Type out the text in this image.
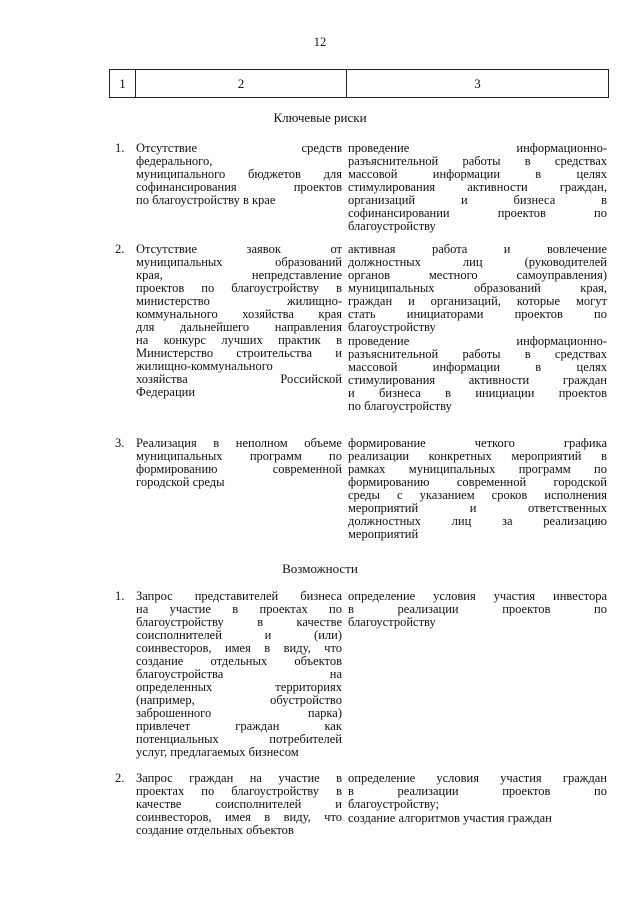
12
1	2	3
Ключевые риски
1. Отсутствие средств
федерального,
муниципального бюджетов для
софинансирования проектов
по благоустройству в крае
проведение информационно-
разъяснительной работы в средствах
массовой информации в целях
стимулирования активности граждан,
организаций и бизнеса в
софинансировании проектов по
благоустройству
2. Отсутствие заявок от
муниципальных образований
края, непредставление
проектов по благоустройству в
министерство жилищно-
коммунального хозяйства края
для дальнейшего направления
на конкурс лучших практик в
Министерство строительства и
жилищно-коммунального
хозяйства Российской
Федерации
активная работа и вовлечение
должностных лиц (руководителей
органов местного самоуправления)
муниципальных образований края,
граждан и организаций, которые могут
стать инициаторами проектов по
благоустройству
проведение информационно-
разъяснительной работы в средствах
массовой информации в целях
стимулирования активности граждан
и бизнеса в инициации проектов
по благоустройству
3. Реализация в неполном объеме
муниципальных программ по
формированию современной
городской среды
формирование четкого графика
реализации конкретных мероприятий в
рамках муниципальных программ по
формированию современной городской
среды с указанием сроков исполнения
мероприятий и ответственных
должностных лиц за реализацию
мероприятий
Возможности
1. Запрос представителей бизнеса
на участие в проектах по
благоустройству в качестве
соисполнителей и (или)
соинвесторов, имея в виду, что
создание отдельных объектов
благоустройства на
определенных территориях
(например, обустройство
заброшенного парка)
привлечет граждан как
потенциальных потребителей
услуг, предлагаемых бизнесом
определение условия участия инвестора
в реализации проектов по
благоустройству
2. Запрос граждан на участие в
проектах по благоустройству в
качестве соисполнителей и
соинвесторов, имея в виду, что
создание отдельных объектов
определение условия участия граждан
в реализации проектов по
благоустройству;
создание алгоритмов участия граждан
